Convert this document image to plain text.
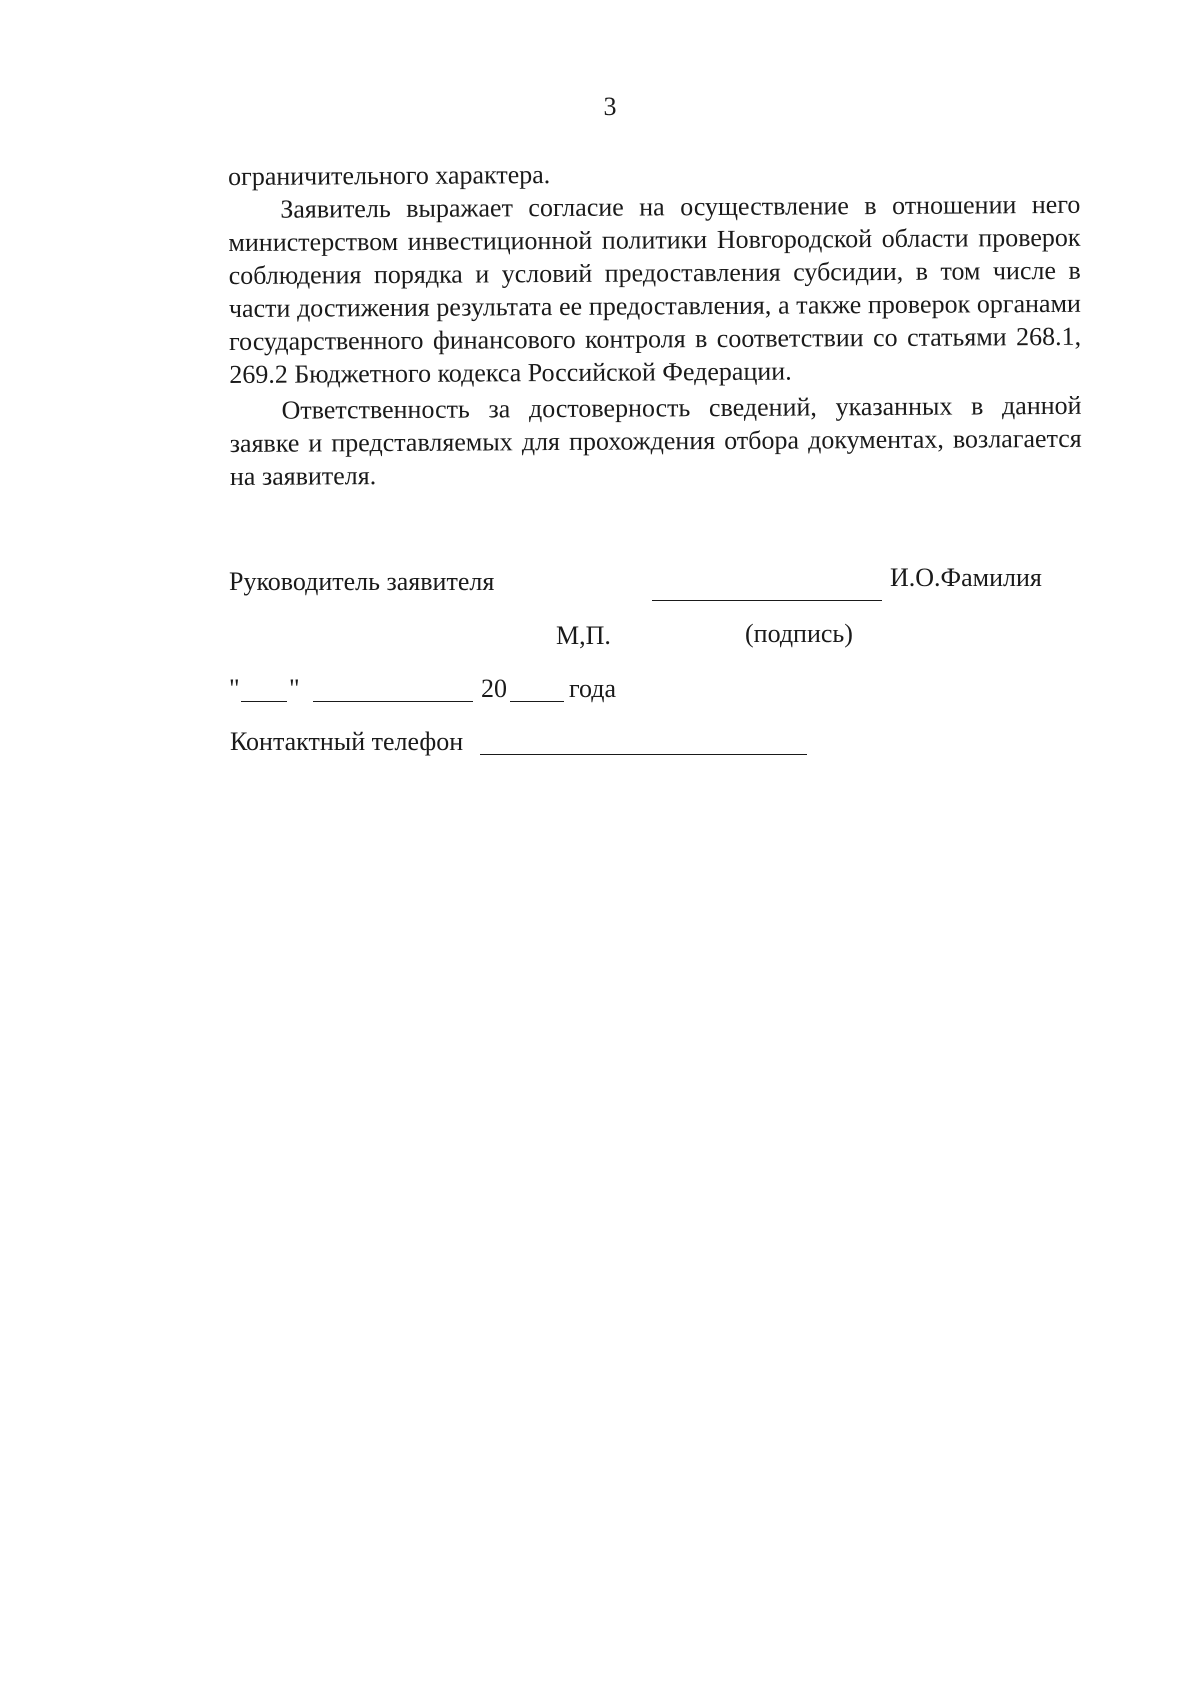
3

ограничительного характера.

Заявитель выражает согласие на осуществление в отношении него министерством инвестиционной политики Новгородской области проверок соблюдения порядка и условий предоставления субсидии, в том числе в части достижения результата ее предоставления, а также проверок органами государственного финансового контроля в соответствии со статьями 268.1, 269.2 Бюджетного кодекса Российской Федерации.

Ответственность за достоверность сведений, указанных в данной заявке и представляемых для прохождения отбора документах, возлагается на заявителя.

Руководитель заявителя	И.О.Фамилия
М,П.	(подпись)
" "	20 года
Контактный телефон
